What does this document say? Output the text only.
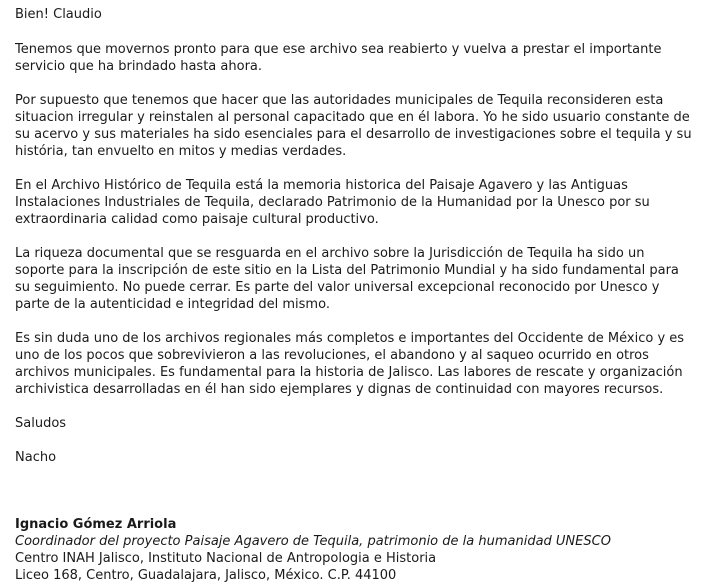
Bien! Claudio

Tenemos que movernos pronto para que ese archivo sea reabierto y vuelva a prestar el importante servicio que ha brindado hasta ahora.

Por supuesto que tenemos que hacer que las autoridades municipales de Tequila reconsideren esta situacion irregular y reinstalen al personal capacitado que en él labora. Yo he sido usuario constante de su acervo y sus materiales ha sido esenciales para el desarrollo de investigaciones sobre el tequila y su história, tan envuelto en mitos y medias verdades.

En el Archivo Histórico de Tequila está la memoria historica del Paisaje Agavero y las Antiguas Instalaciones Industriales de Tequila, declarado Patrimonio de la Humanidad por la Unesco por su extraordinaria calidad como paisaje cultural productivo.

La riqueza documental que se resguarda en el archivo sobre la Jurisdicción de Tequila ha sido un soporte para la inscripción de este sitio en la Lista del Patrimonio Mundial y ha sido fundamental para su seguimiento. No puede cerrar. Es parte del valor universal excepcional reconocido por Unesco y parte de la autenticidad e integridad del mismo.

Es sin duda uno de los archivos regionales más completos e importantes del Occidente de México y es uno de los pocos que sobrevivieron a las revoluciones, el abandono y al saqueo ocurrido en otros archivos municipales. Es fundamental para la historia de Jalisco. Las labores de rescate y organización archivistica desarrolladas en él han sido ejemplares y dignas de continuidad con mayores recursos.

Saludos

Nacho

Ignacio Gómez Arriola
Coordinador del proyecto Paisaje Agavero de Tequila, patrimonio de la humanidad UNESCO
Centro INAH Jalisco, Instituto Nacional de Antropologia e Historia
Liceo 168, Centro, Guadalajara, Jalisco, México. C.P. 44100
